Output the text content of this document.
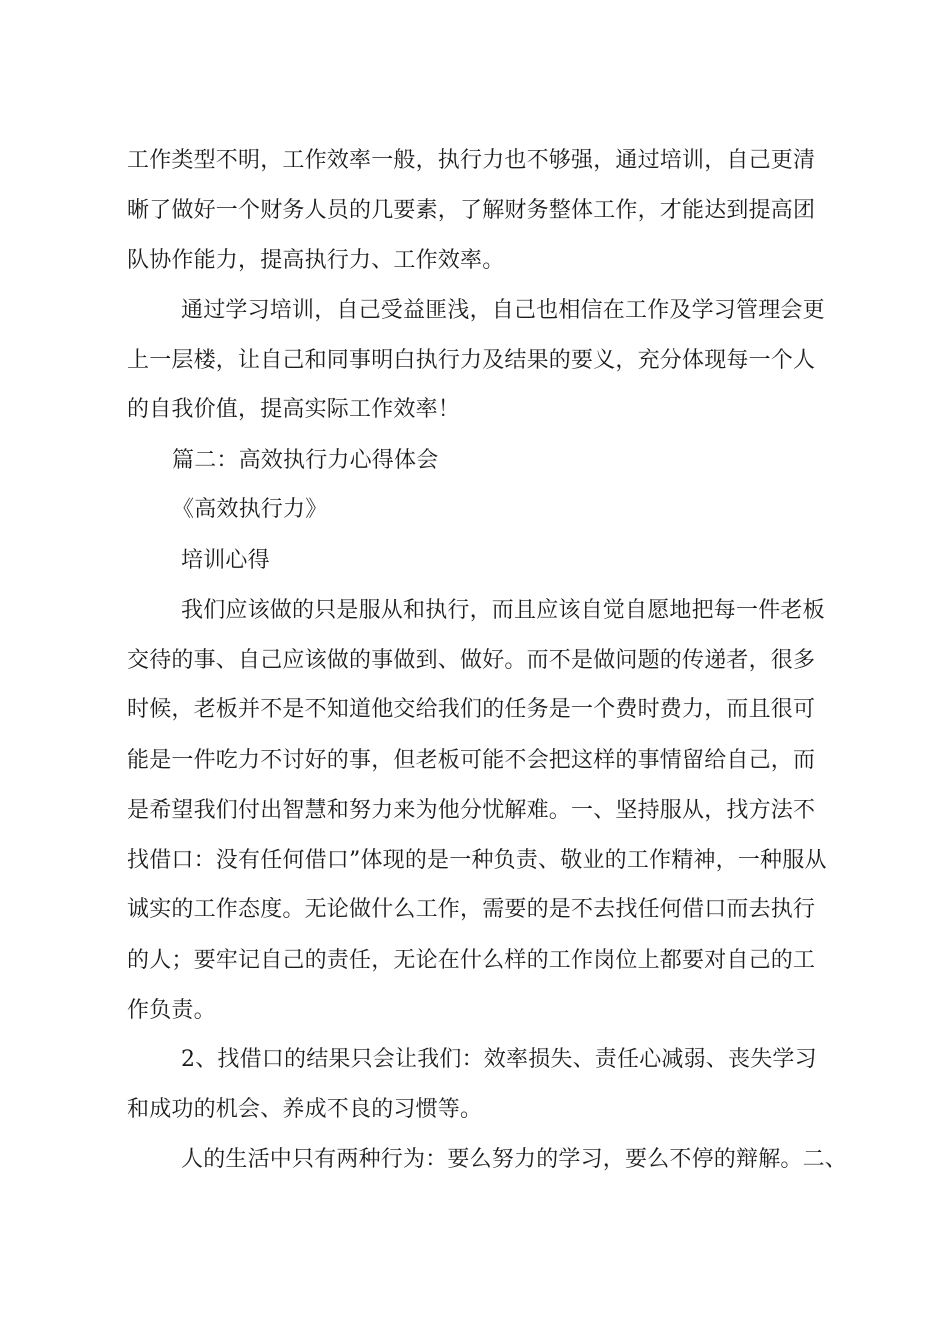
工作类型不明，工作效率一般，执行力也不够强，通过培训，自己更清
晰了做好一个财务人员的几要素，了解财务整体工作，才能达到提高团
队协作能力，提高执行力、工作效率。
通过学习培训，自己受益匪浅，自己也相信在工作及学习管理会更
上一层楼，让自己和同事明白执行力及结果的要义，充分体现每一个人
的自我价值，提高实际工作效率！
篇二：高效执行力心得体会
《高效执行力》
培训心得
我们应该做的只是服从和执行，而且应该自觉自愿地把每一件老板
交待的事、自己应该做的事做到、做好。而不是做问题的传递者，很多
时候，老板并不是不知道他交给我们的任务是一个费时费力，而且很可
能是一件吃力不讨好的事，但老板可能不会把这样的事情留给自己，而
是希望我们付出智慧和努力来为他分忧解难。一、坚持服从，找方法不
找借口：没有任何借口”体现的是一种负责、敬业的工作精神，一种服从
诚实的工作态度。无论做什么工作，需要的是不去找任何借口而去执行
的人；要牢记自己的责任，无论在什么样的工作岗位上都要对自己的工
作负责。
2、找借口的结果只会让我们：效率损失、责任心减弱、丧失学习
和成功的机会、养成不良的习惯等。
人的生活中只有两种行为：要么努力的学习，要么不停的辩解。二、
